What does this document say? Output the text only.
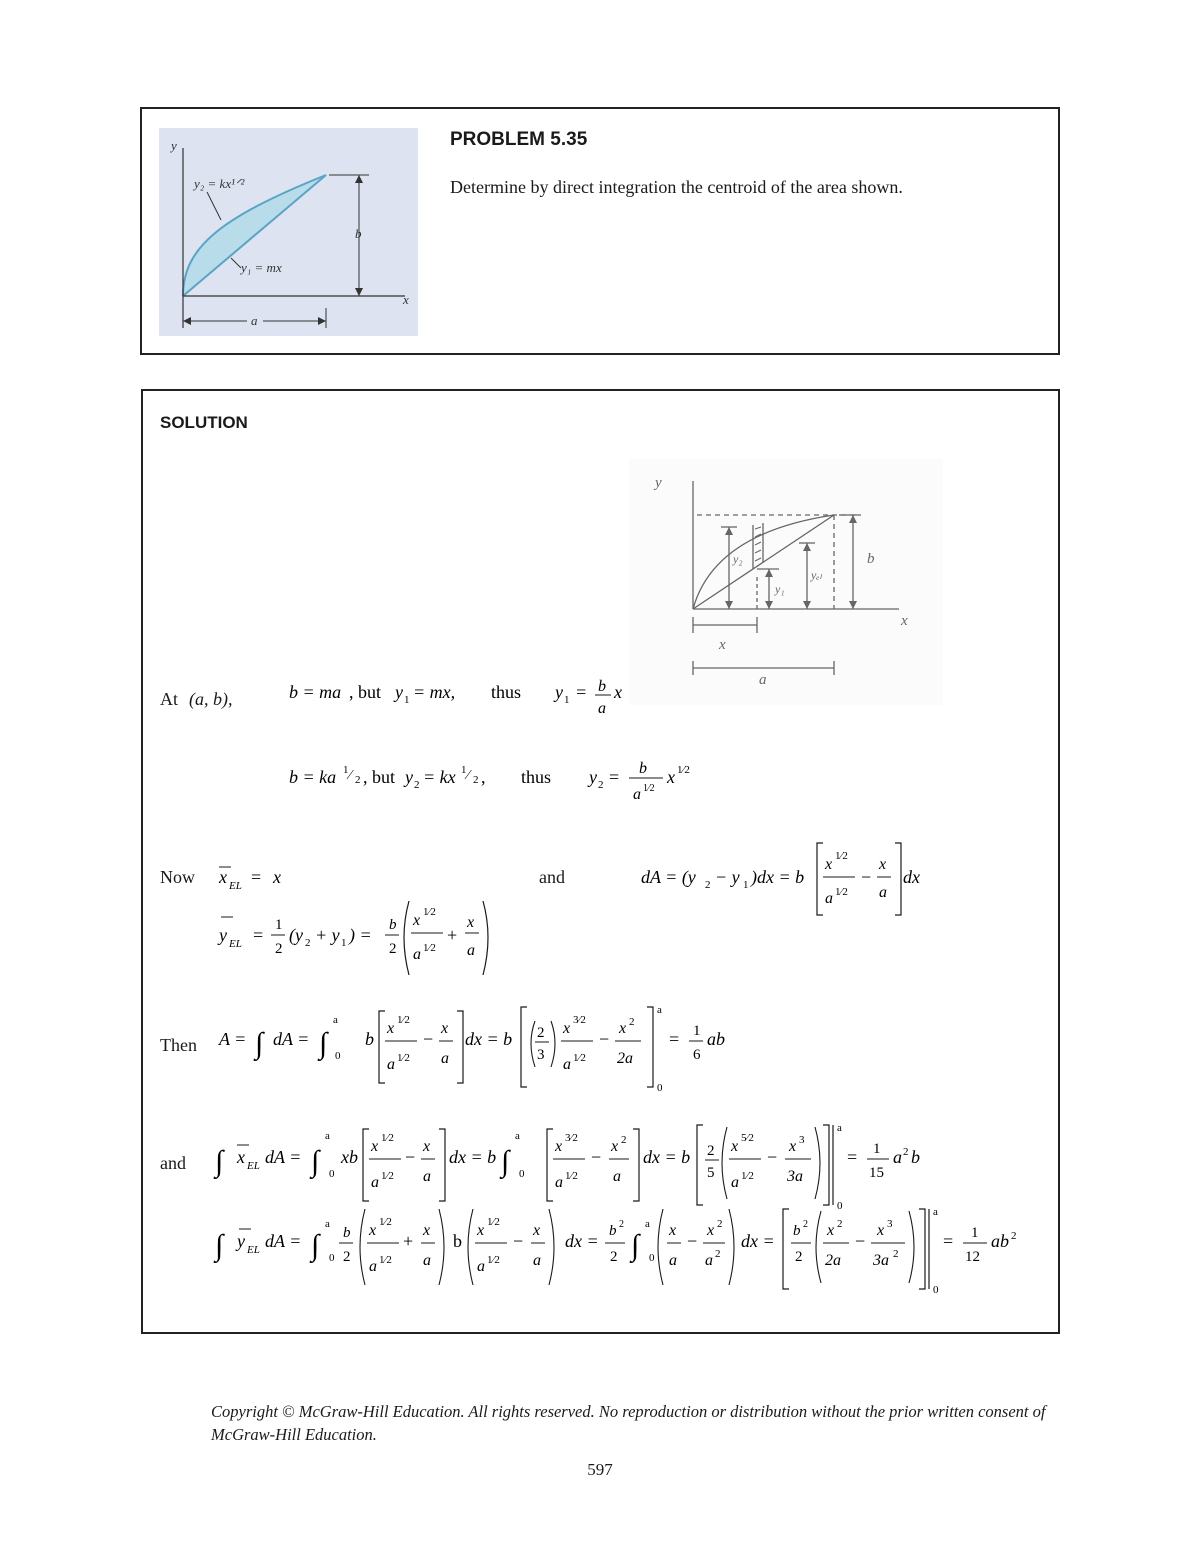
y
x
b
a
y₂ = kx¹ᐟ²
y₁ = mx
PROBLEM 5.35
Determine by direct integration the centroid of the area shown.
SOLUTION
y
x
y₂
y₁
yₑₗ
b
x
a
At (a, b),	b = ma , but y 1 = mx, thus y 1 = b
a
x
b = ka 1 ⁄ 2 , but y 2 = kx 1 ⁄ 2 , thus y 2 = b
a 1⁄2
x 1⁄2
Now x EL = x	and	dA = (y 2 − y 1 )dx = b
x 1⁄2
a 1⁄2
−
x
a
dx
y EL = 1
2
(y 2 + y 1 ) = b
2
x 1⁄2
a 1⁄2
+
x
a
Then A = ∫ dA = ∫
a
0
b
x 1⁄2
a 1⁄2
−
x
a
dx = b 2
3
x 3⁄2
a 1⁄2
−
x 2
2a
a
0
= 1
6
ab
and ∫ x EL dA = ∫
a
0
xb
x 1⁄2
a 1⁄2
−
x
a
dx = b ∫
a
0
x 3⁄2
a 1⁄2
−
x 2
a
dx = b 2
5
x 5⁄2
a 1⁄2
−
x 3
3a
a
0
= 1
15
a 2 b
∫ y EL dA = ∫
a
0
b
2
x 1⁄2
a 1⁄2
+
x
a
b
x 1⁄2
a 1⁄2
−
x
a
dx = b 2
2 ∫
a
0
x
a
−
x 2
a 2
dx = b 2
2
x 2
2a
−
x 3
3a 2
a
0
= 1
12
ab 2
Copyright © McGraw-Hill Education. All rights reserved. No reproduction or distribution without the prior written consent of McGraw-Hill Education.
597
